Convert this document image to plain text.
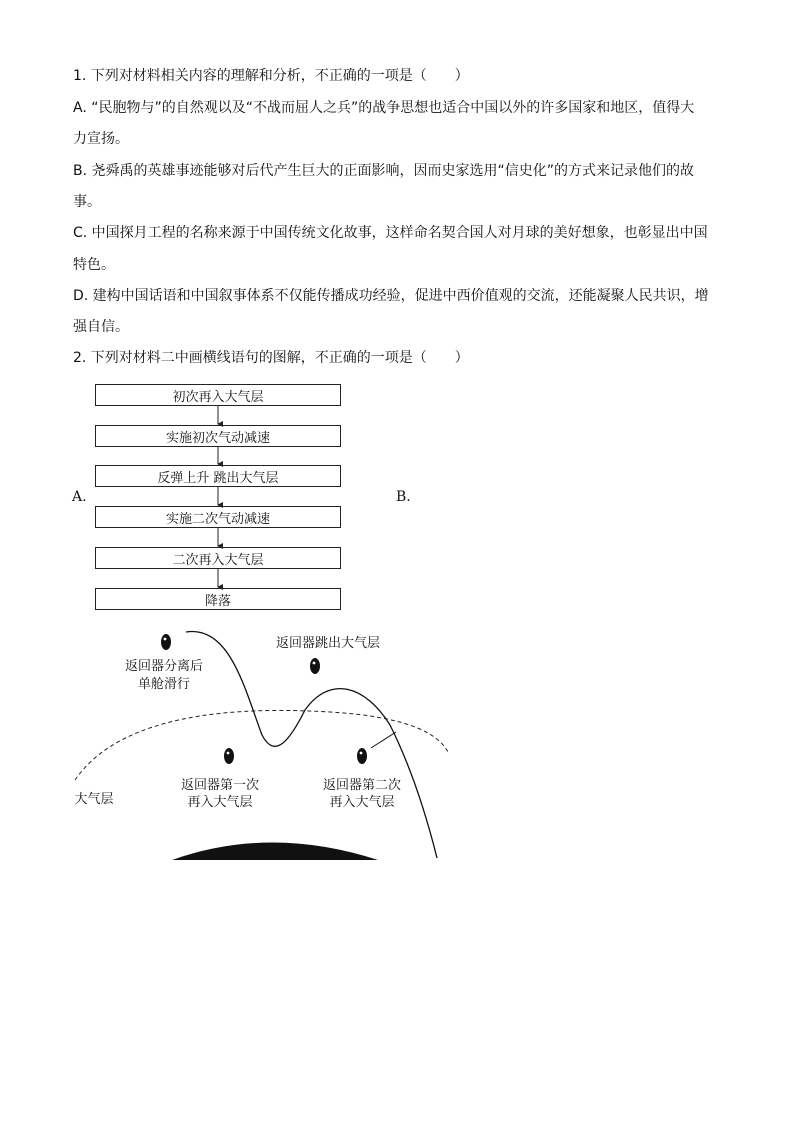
1. 下列对材料相关内容的理解和分析，不正确的一项是（　　）
A. “民胞物与”的自然观以及“不战而屈人之兵”的战争思想也适合中国以外的许多国家和地区，值得大
力宣扬。
B. 尧舜禹的英雄事迹能够对后代产生巨大的正面影响，因而史家选用“信史化”的方式来记录他们的故
事。
C. 中国探月工程的名称来源于中国传统文化故事，这样命名契合国人对月球的美好想象，也彰显出中国
特色。
D. 建构中国话语和中国叙事体系不仅能传播成功经验，促进中西价值观的交流，还能凝聚人民共识，增
强自信。
2. 下列对材料二中画横线语句的图解，不正确的一项是（　　）
初次再入大气层
实施初次气动减速
反弹上升 跳出大气层
实施二次气动减速
二次再入大气层
降落
返回器分离后
单舱滑行
返回器跳出大气层
返回器第一次
再入大气层
返回器第二次
再入大气层
大气层
A.	B.
